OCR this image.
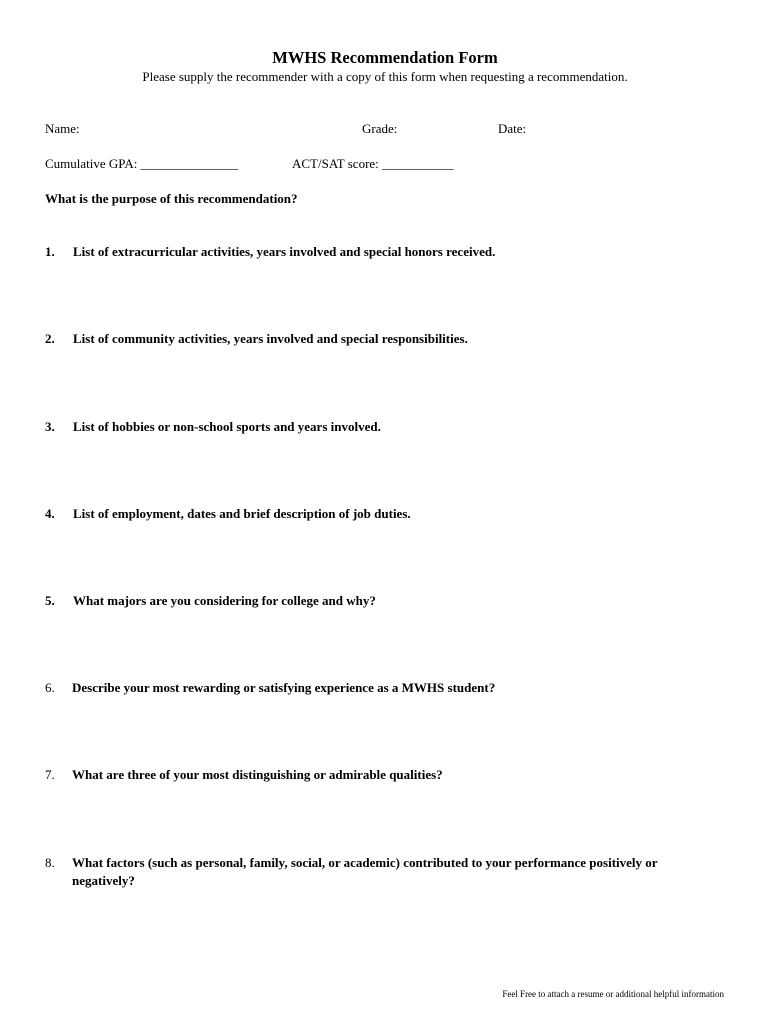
MWHS Recommendation Form
Please supply the recommender with a copy of this form when requesting a recommendation.
Name:	Grade:	Date:
Cumulative GPA: _______________	ACT/SAT score: ___________
What is the purpose of this recommendation?
1. List of extracurricular activities, years involved and special honors received.
2. List of community activities, years involved and special responsibilities.
3. List of hobbies or non-school sports and years involved.
4. List of employment, dates and brief description of job duties.
5. What majors are you considering for college and why?
6. Describe your most rewarding or satisfying experience as a MWHS student?
7. What are three of your most distinguishing or admirable qualities?
8. What factors (such as personal, family, social, or academic) contributed to your performance positively or negatively?
Feel Free to attach a resume or additional helpful information
